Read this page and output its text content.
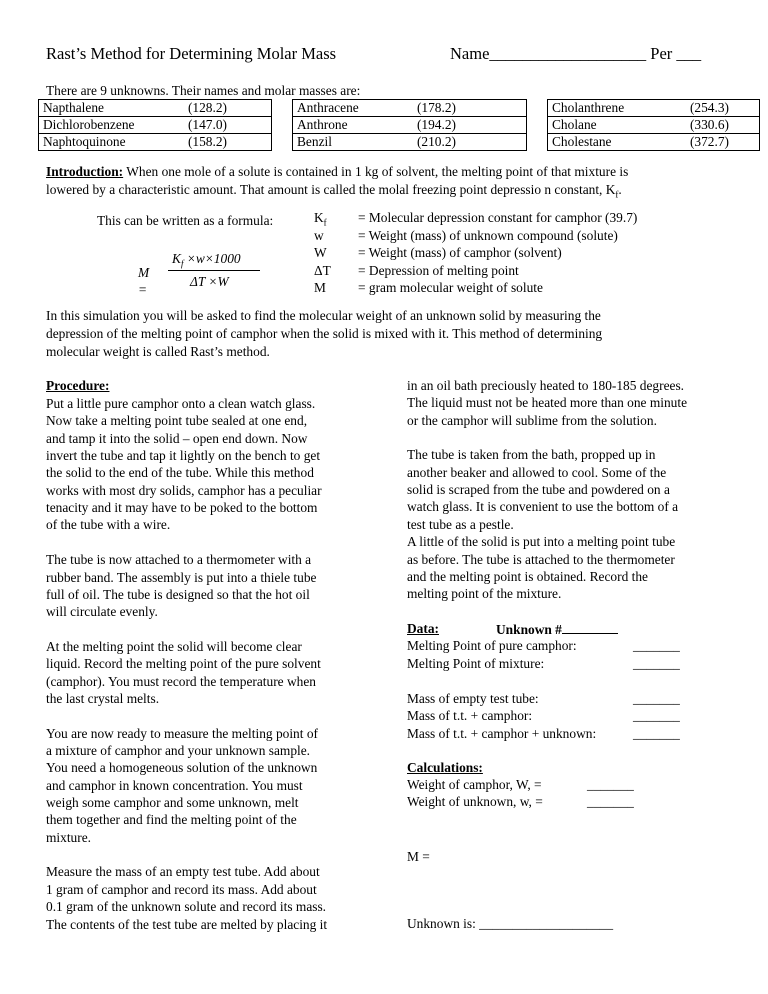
Rast’s Method for Determining Molar Mass	Name___________________ Per ___
There are 9 unknowns. Their names and molar masses are:
Napthalene (128.2)		Anthracene (178.2)		Cholanthrene (254.3)

Dichlorobenzene (147.0)		Anthrone (194.2)		Cholane (330.6)

Naphtoquinone (158.2)		Benzil (210.2)		Cholestane (372.7)
Introduction: When one mole of a solute is contained in 1 kg of solvent, the melting point of that mixture is
lowered by a characteristic amount. That amount is called the molal freezing point depressio n constant, $K_f$.
This can be written as a formula:	$K_f$	= Molecular depression constant for camphor (39.7)
w	= Weight (mass) of unknown compound (solute)
W	= Weight (mass) of camphor (solvent)
ΔT	= Depression of melting point
M	= gram molecular weight of solute
M =
$K_f \times w\times 1000$
ΔT ×W
In this simulation you will be asked to find the molecular weight of an unknown solid by measuring the
depression of the melting point of camphor when the solid is mixed with it. This method of determining
molecular weight is called Rast’s method.
Procedure:
Put a little pure camphor onto a clean watch glass.
Now take a melting point tube sealed at one end,
and tamp it into the solid – open end down. Now
invert the tube and tap it lightly on the bench to get
the solid to the end of the tube. While this method
works with most dry solids, camphor has a peculiar
tenacity and it may have to be poked to the bottom
of the tube with a wire.
The tube is now attached to a thermometer with a
rubber band. The assembly is put into a thiele tube
full of oil. The tube is designed so that the hot oil
will circulate evenly.
At the melting point the solid will become clear
liquid. Record the melting point of the pure solvent
(camphor). You must record the temperature when
the last crystal melts.
You are now ready to measure the melting point of
a mixture of camphor and your unknown sample.
You need a homogeneous solution of the unknown
and camphor in known concentration. You must
weigh some camphor and some unknown, melt
them together and find the melting point of the
mixture.
Measure the mass of an empty test tube. Add about
1 gram of camphor and record its mass. Add about
0.1 gram of the unknown solute and record its mass.
The contents of the test tube are melted by placing it
in an oil bath preciously heated to 180-185 degrees.
The liquid must not be heated more than one minute
or the camphor will sublime from the solution.
The tube is taken from the bath, propped up in
another beaker and allowed to cool. Some of the
solid is scraped from the tube and powdered on a
watch glass. It is convenient to use the bottom of a
test tube as a pestle.
A little of the solid is put into a melting point tube
as before. The tube is attached to the thermometer
and the melting point is obtained. Record the
melting point of the mixture.
Data:	Unknown #
Melting Point of pure camphor:	_______
Melting Point of mixture:	_______
Mass of empty test tube:	_______
Mass of t.t. + camphor:	_______
Mass of t.t. + camphor + unknown:	_______
Calculations:
Weight of camphor, W, =	_______
Weight of unknown, w, =	_______
M =
Unknown is: ____________________
